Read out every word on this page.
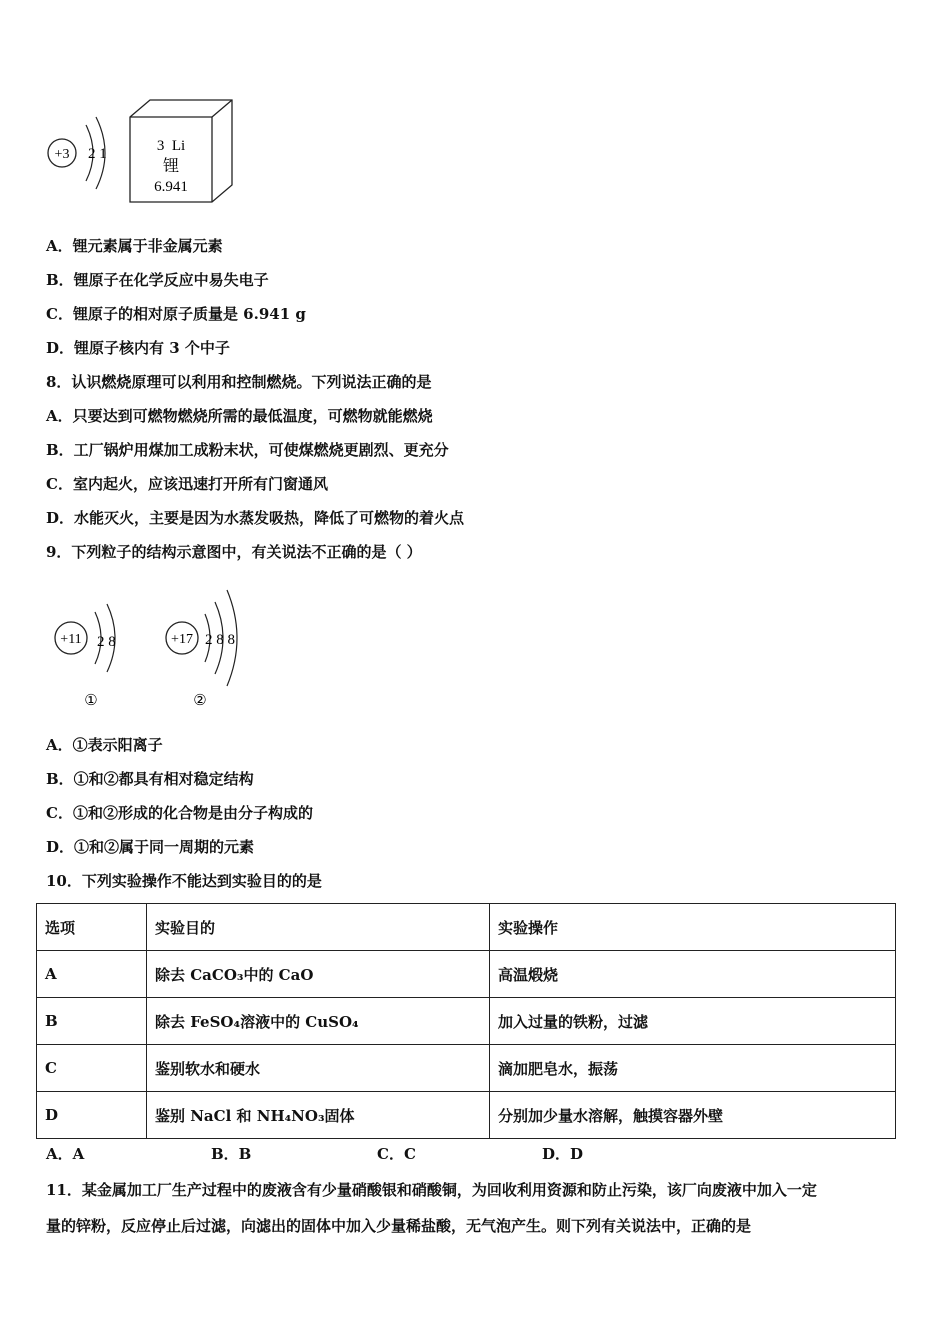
+3 2 1	3  Li
锂
6.941
A．锂元素属于非金属元素
B．锂原子在化学反应中易失电子
C．锂原子的相对原子质量是 6.941 g
D．锂原子核内有 3 个中子
8．认识燃烧原理可以利用和控制燃烧。下列说法正确的是
A．只要达到可燃物燃烧所需的最低温度，可燃物就能燃烧
B．工厂锅炉用煤加工成粉末状，可使煤燃烧更剧烈、更充分
C．室内起火，应该迅速打开所有门窗通风
D．水能灭火，主要是因为水蒸发吸热，降低了可燃物的着火点
9．下列粒子的结构示意图中，有关说法不正确的是（ ）
+11 2 8
①
+17 2 8 8
②
A．①表示阳离子
B．①和②都具有相对稳定结构
C．①和②形成的化合物是由分子构成的
D．①和②属于同一周期的元素
10．下列实验操作不能达到实验目的的是
选项	实验目的	实验操作
A	除去 CaCO₃中的 CaO	高温煅烧
B	除去 FeSO₄溶液中的 CuSO₄	加入过量的铁粉，过滤
C	鉴别软水和硬水	滴加肥皂水，振荡
D	鉴别 NaCl 和 NH₄NO₃固体	分别加少量水溶解，触摸容器外壁
A．A	B．B	C．C	D．D
11．某金属加工厂生产过程中的废液含有少量硝酸银和硝酸铜，为回收利用资源和防止污染，该厂向废液中加入一定
量的锌粉，反应停止后过滤，向滤出的固体中加入少量稀盐酸，无气泡产生。则下列有关说法中，正确的是
